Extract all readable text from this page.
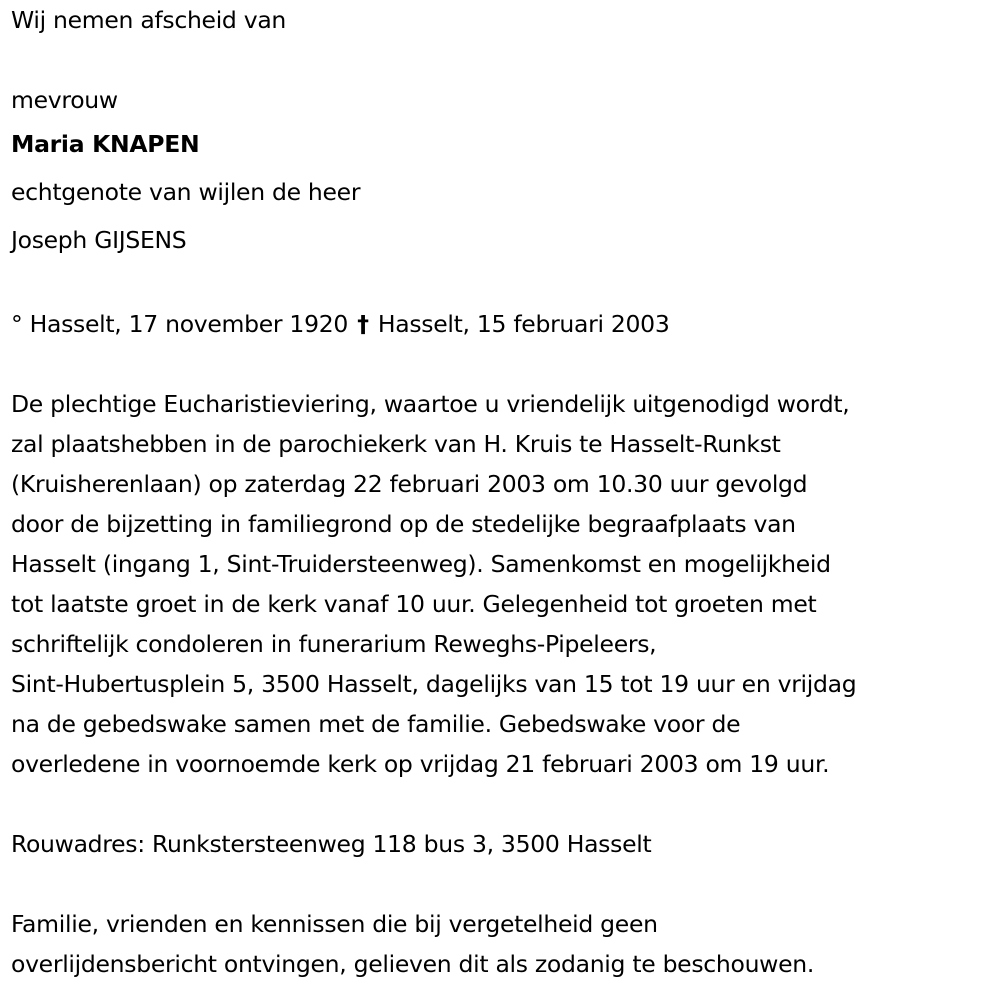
Wij nemen afscheid van
mevrouw
Maria KNAPEN
echtgenote van wijlen de heer
Joseph GIJSENS
° Hasselt, 17 november 1920 † Hasselt, 15 februari 2003
De plechtige Eucharistieviering, waartoe u vriendelijk uitgenodigd wordt,
zal plaatshebben in de parochiekerk van H. Kruis te Hasselt-Runkst
(Kruisherenlaan) op zaterdag 22 februari 2003 om 10.30 uur gevolgd
door de bijzetting in familiegrond op de stedelijke begraafplaats van
Hasselt (ingang 1, Sint-Truidersteenweg). Samenkomst en mogelijkheid
tot laatste groet in de kerk vanaf 10 uur. Gelegenheid tot groeten met
schriftelijk condoleren in funerarium Reweghs-Pipeleers,
Sint-Hubertusplein 5, 3500 Hasselt, dagelijks van 15 tot 19 uur en vrijdag
na de gebedswake samen met de familie. Gebedswake voor de
overledene in voornoemde kerk op vrijdag 21 februari 2003 om 19 uur.
Rouwadres: Runkstersteenweg 118 bus 3, 3500 Hasselt
Familie, vrienden en kennissen die bij vergetelheid geen
overlijdensbericht ontvingen, gelieven dit als zodanig te beschouwen.
